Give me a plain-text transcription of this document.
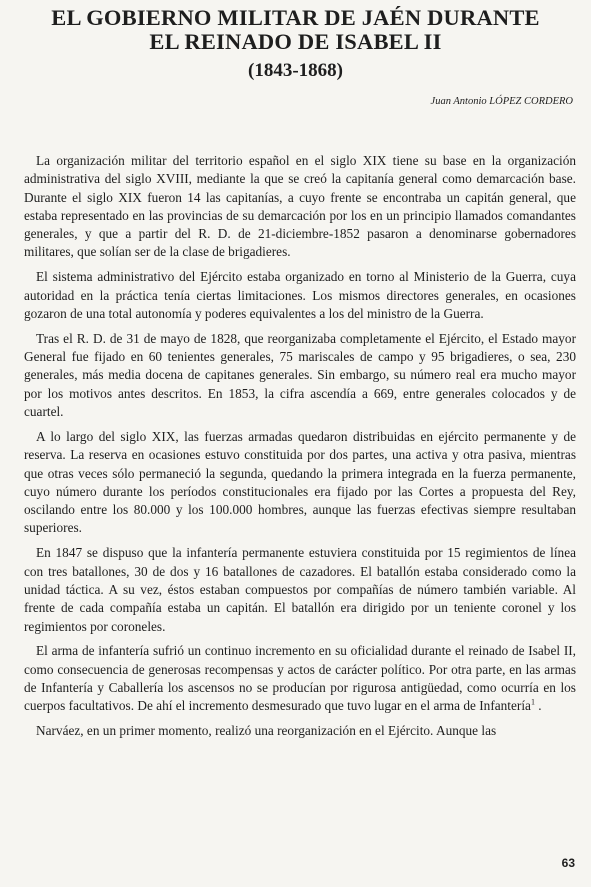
EL GOBIERNO MILITAR DE JAÉN DURANTE
EL REINADO DE ISABEL II
(1843-1868)
Juan Antonio LÓPEZ CORDERO

La organización militar del territorio español en el siglo XIX tiene su base en la organización administrativa del siglo XVIII, mediante la que se creó la capitanía general como demarcación base. Durante el siglo XIX fueron 14 las capitanías, a cuyo frente se encontraba un capitán general, que estaba representado en las provincias de su demarcación por los en un principio llamados comandantes generales, y que a partir del R. D. de 21-diciembre-1852 pasaron a denominarse gobernadores militares, que solían ser de la clase de brigadieres.

El sistema administrativo del Ejército estaba organizado en torno al Ministerio de la Guerra, cuya autoridad en la práctica tenía ciertas limitaciones. Los mismos directores generales, en ocasiones gozaron de una total autonomía y poderes equivalentes a los del ministro de la Guerra.

Tras el R. D. de 31 de mayo de 1828, que reorganizaba completamente el Ejército, el Estado mayor General fue fijado en 60 tenientes generales, 75 mariscales de campo y 95 brigadieres, o sea, 230 generales, más media docena de capitanes generales. Sin embargo, su número real era mucho mayor por los motivos antes descritos. En 1853, la cifra ascendía a 669, entre generales colocados y de cuartel.

A lo largo del siglo XIX, las fuerzas armadas quedaron distribuidas en ejército permanente y de reserva. La reserva en ocasiones estuvo constituida por dos partes, una activa y otra pasiva, mientras que otras veces sólo permaneció la segunda, quedando la primera integrada en la fuerza permanente, cuyo número durante los períodos constitucionales era fijado por las Cortes a propuesta del Rey, oscilando entre los 80.000 y los 100.000 hombres, aunque las fuerzas efectivas siempre resultaban superiores.

En 1847 se dispuso que la infantería permanente estuviera constituida por 15 regimientos de línea con tres batallones, 30 de dos y 16 batallones de cazadores. El batallón estaba considerado como la unidad táctica. A su vez, éstos estaban compuestos por compañías de número también variable. Al frente de cada compañía estaba un capitán. El batallón era dirigido por un teniente coronel y los regimientos por coroneles.

El arma de infantería sufrió un continuo incremento en su oficialidad durante el reinado de Isabel II, como consecuencia de generosas recompensas y actos de carácter político. Por otra parte, en las armas de Infantería y Caballería los ascensos no se producían por rigurosa antigüedad, como ocurría en los cuerpos facultativos. De ahí el incremento desmesurado que tuvo lugar en el arma de Infantería$^1$ .

Narváez, en un primer momento, realizó una reorganización en el Ejército. Aunque las

63
